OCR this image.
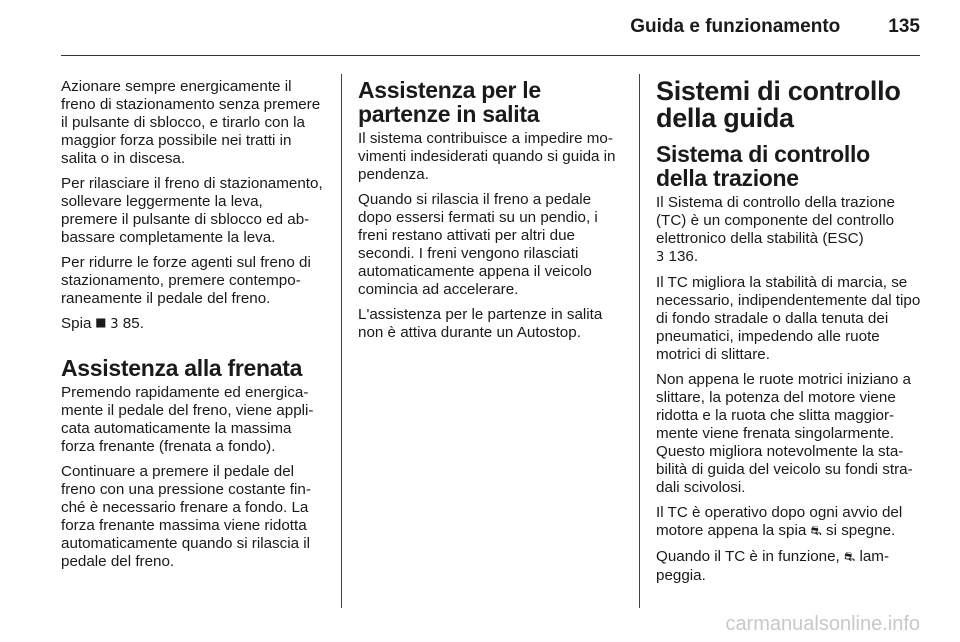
Guida e funzionamento	135

Azionare sempre energicamente il freno di stazionamento senza premere il pulsante di sblocco, e tirarlo con la maggior forza possibile nei tratti in salita o in discesa.

Per rilasciare il freno di stazionamento, sollevare leggermente la leva, premere il pulsante di sblocco ed abbassare completamente la leva.

Per ridurre le forze agenti sul freno di stazionamento, premere contemporaneamente il pedale del freno.

Spia ⯀ 3 85.

Assistenza alla frenata

Premendo rapidamente ed energicamente il pedale del freno, viene applicata automaticamente la massima forza frenante (frenata a fondo).

Continuare a premere il pedale del freno con una pressione costante finché è necessario frenare a fondo. La forza frenante massima viene ridotta automaticamente quando si rilascia il pedale del freno.

Assistenza per le partenze in salita

Il sistema contribuisce a impedire movimenti indesiderati quando si guida in pendenza.

Quando si rilascia il freno a pedale dopo essersi fermati su un pendio, i freni restano attivati per altri due secondi. I freni vengono rilasciati automaticamente appena il veicolo comincia ad accelerare.

L'assistenza per le partenze in salita non è attiva durante un Autostop.

Sistemi di controllo della guida
Sistema di controllo della trazione

Il Sistema di controllo della trazione (TC) è un componente del controllo elettronico della stabilità (ESC)
3 136.

Il TC migliora la stabilità di marcia, se necessario, indipendentemente dal tipo di fondo stradale o dalla tenuta dei pneumatici, impedendo alle ruote motrici di slittare.

Non appena le ruote motrici iniziano a slittare, la potenza del motore viene ridotta e la ruota che slitta maggiormente viene frenata singolarmente. Questo migliora notevolmente la stabilità di guida del veicolo su fondi stradali scivolosi.

Il TC è operativo dopo ogni avvio del motore appena la spia ⛐ si spegne.

Quando il TC è in funzione, ⛐ lampeggia.

carmanualsonline.info
